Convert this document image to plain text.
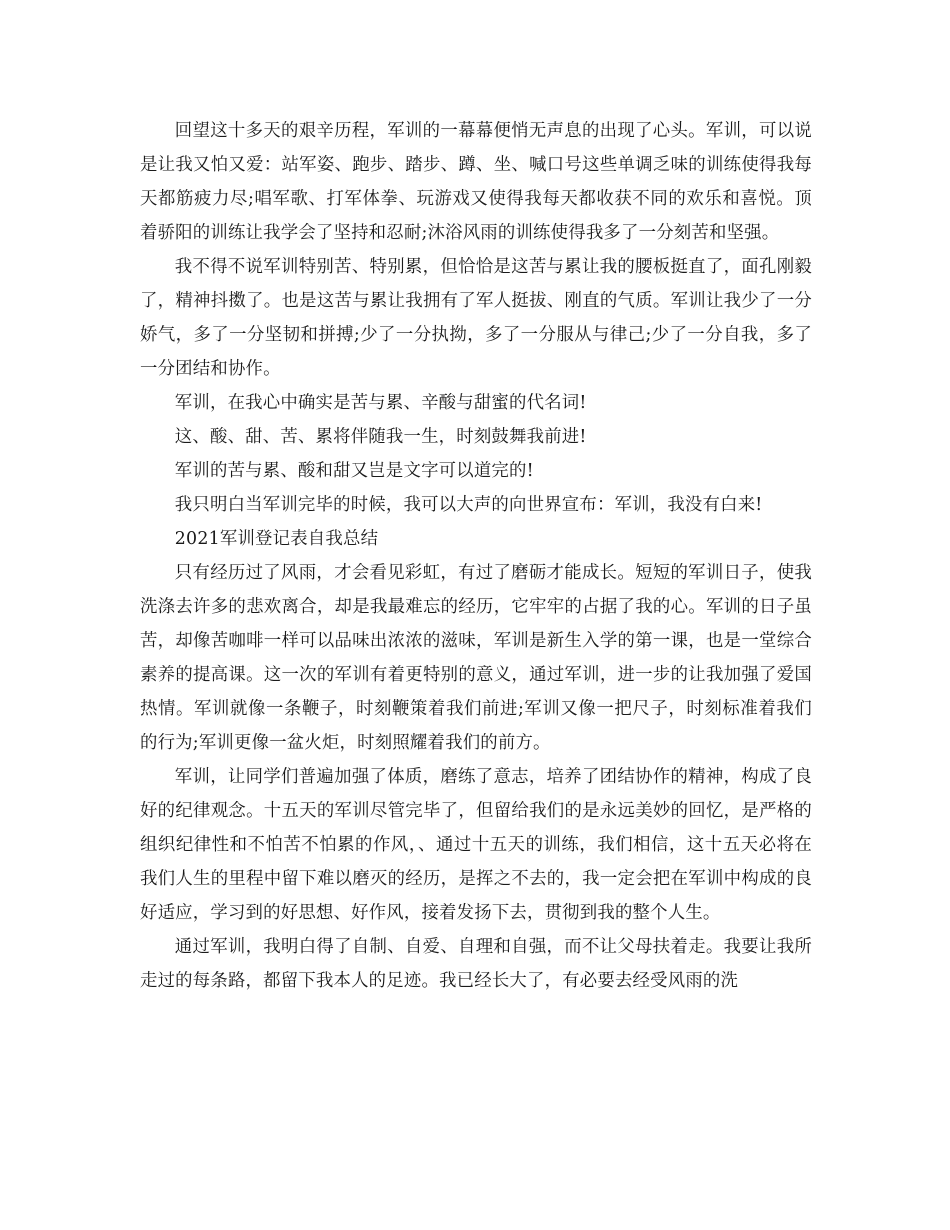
回望这十多天的艰辛历程，军训的一幕幕便悄无声息的出现了心头。军训，可以说是让我又怕又爱：站军姿、跑步、踏步、蹲、坐、喊口号这些单调乏味的训练使得我每天都筋疲力尽;唱军歌、打军体拳、玩游戏又使得我每天都收获不同的欢乐和喜悦。顶着骄阳的训练让我学会了坚持和忍耐;沐浴风雨的训练使得我多了一分刻苦和坚强。

我不得不说军训特别苦、特别累，但恰恰是这苦与累让我的腰板挺直了，面孔刚毅了，精神抖擞了。也是这苦与累让我拥有了军人挺拔、刚直的气质。军训让我少了一分娇气，多了一分坚韧和拼搏;少了一分执拗，多了一分服从与律己;少了一分自我，多了一分团结和协作。

军训，在我心中确实是苦与累、辛酸与甜蜜的代名词!

这、酸、甜、苦、累将伴随我一生，时刻鼓舞我前进!

军训的苦与累、酸和甜又岂是文字可以道完的!

我只明白当军训完毕的时候，我可以大声的向世界宣布：军训，我没有白来!

2021军训登记表自我总结

只有经历过了风雨，才会看见彩虹，有过了磨砺才能成长。短短的军训日子，使我洗涤去许多的悲欢离合，却是我最难忘的经历，它牢牢的占据了我的心。军训的日子虽苦，却像苦咖啡一样可以品味出浓浓的滋味，军训是新生入学的第一课，也是一堂综合素养的提高课。这一次的军训有着更特别的意义，通过军训，进一步的让我加强了爱国热情。军训就像一条鞭子，时刻鞭策着我们前进;军训又像一把尺子，时刻标准着我们的行为;军训更像一盆火炬，时刻照耀着我们的前方。

军训，让同学们普遍加强了体质，磨练了意志，培养了团结协作的精神，构成了良好的纪律观念。十五天的军训尽管完毕了，但留给我们的是永远美妙的回忆，是严格的组织纪律性和不怕苦不怕累的作风，、通过十五天的训练，我们相信，这十五天必将在我们人生的里程中留下难以磨灭的经历，是挥之不去的，我一定会把在军训中构成的良好适应，学习到的好思想、好作风，接着发扬下去，贯彻到我的整个人生。

通过军训，我明白得了自制、自爱、自理和自强，而不让父母扶着走。我要让我所走过的每条路，都留下我本人的足迹。我已经长大了，有必要去经受风雨的洗
